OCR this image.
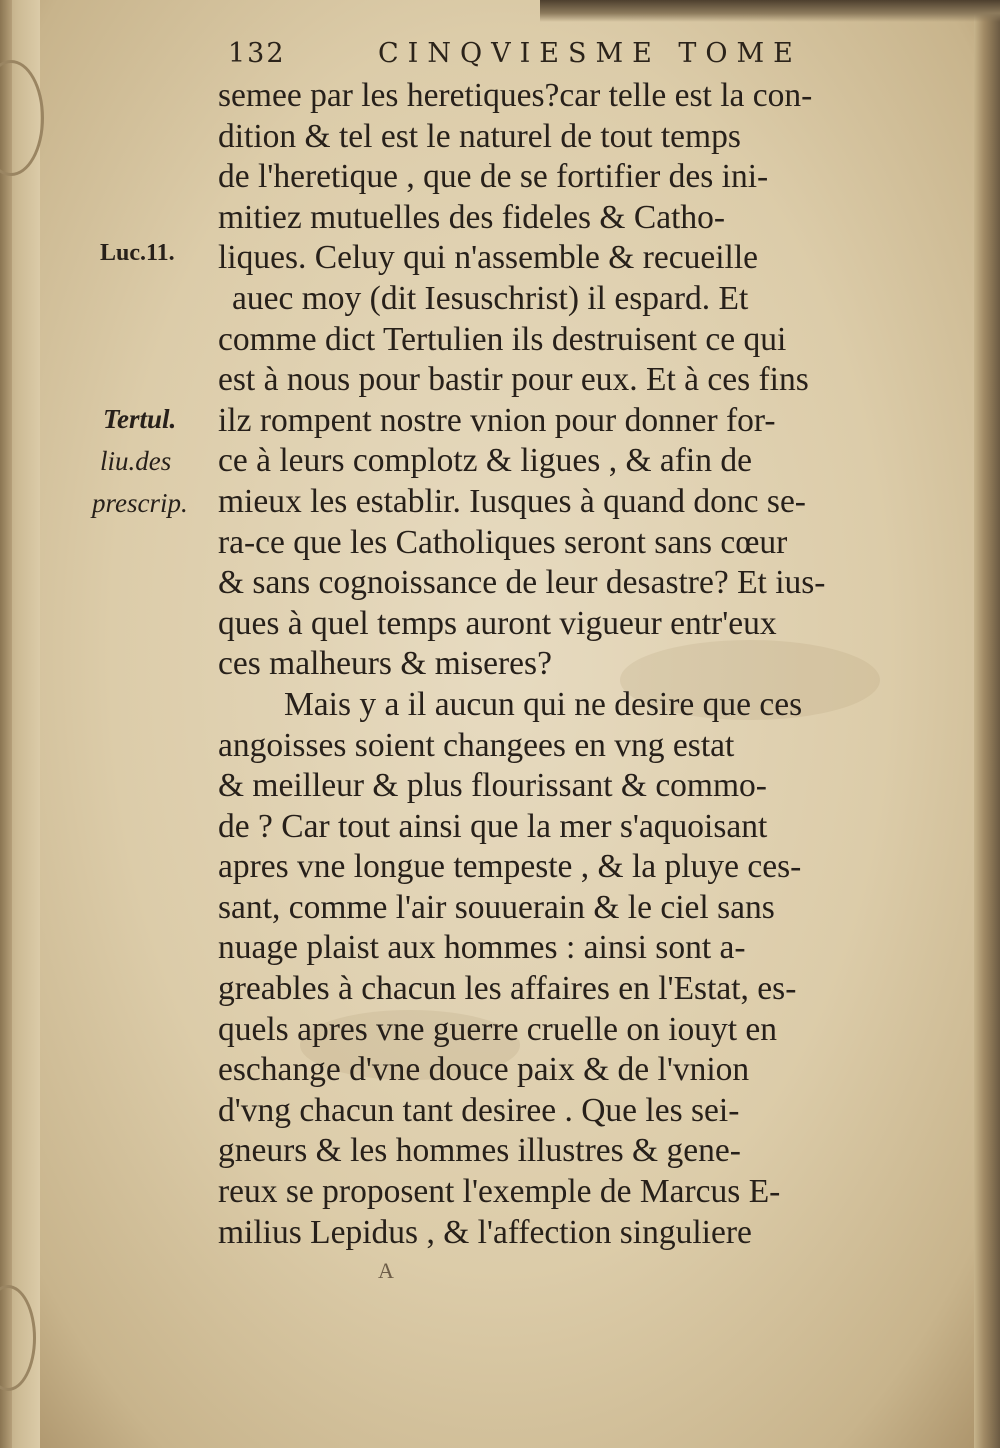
132	CINQVIESME TOME
Luc.11.
Tertul.
liu.des
prescrip.
semee par les heretiques?car telle est la con-
dition & tel est le naturel de tout temps
de l'heretique , que de se fortifier des ini-
mitiez mutuelles des fideles & Catho-
liques. Celuy qui n'assemble & recueille
auec moy (dit Iesuschrist) il espard. Et
comme dict Tertulien ils destruisent ce qui
est à nous pour bastir pour eux. Et à ces fins
ilz rompent nostre vnion pour donner for-
ce à leurs complotz & ligues , & afin de
mieux les establir. Iusques à quand donc se-
ra-ce que les Catholiques seront sans cœur
& sans cognoissance de leur desastre? Et ius-
ques à quel temps auront vigueur entr'eux
ces malheurs & miseres?
Mais y a il aucun qui ne desire que ces
angoisses soient changees en vng estat
& meilleur & plus flourissant & commo-
de ? Car tout ainsi que la mer s'aquoisant
apres vne longue tempeste , & la pluye ces-
sant, comme l'air souuerain & le ciel sans
nuage plaist aux hommes : ainsi sont a-
greables à chacun les affaires en l'Estat, es-
quels apres vne guerre cruelle on iouyt en
eschange d'vne douce paix & de l'vnion
d'vng chacun tant desiree . Que les sei-
gneurs & les hommes illustres & gene-
reux se proposent l'exemple de Marcus E-
milius Lepidus , & l'affection singuliere
A
